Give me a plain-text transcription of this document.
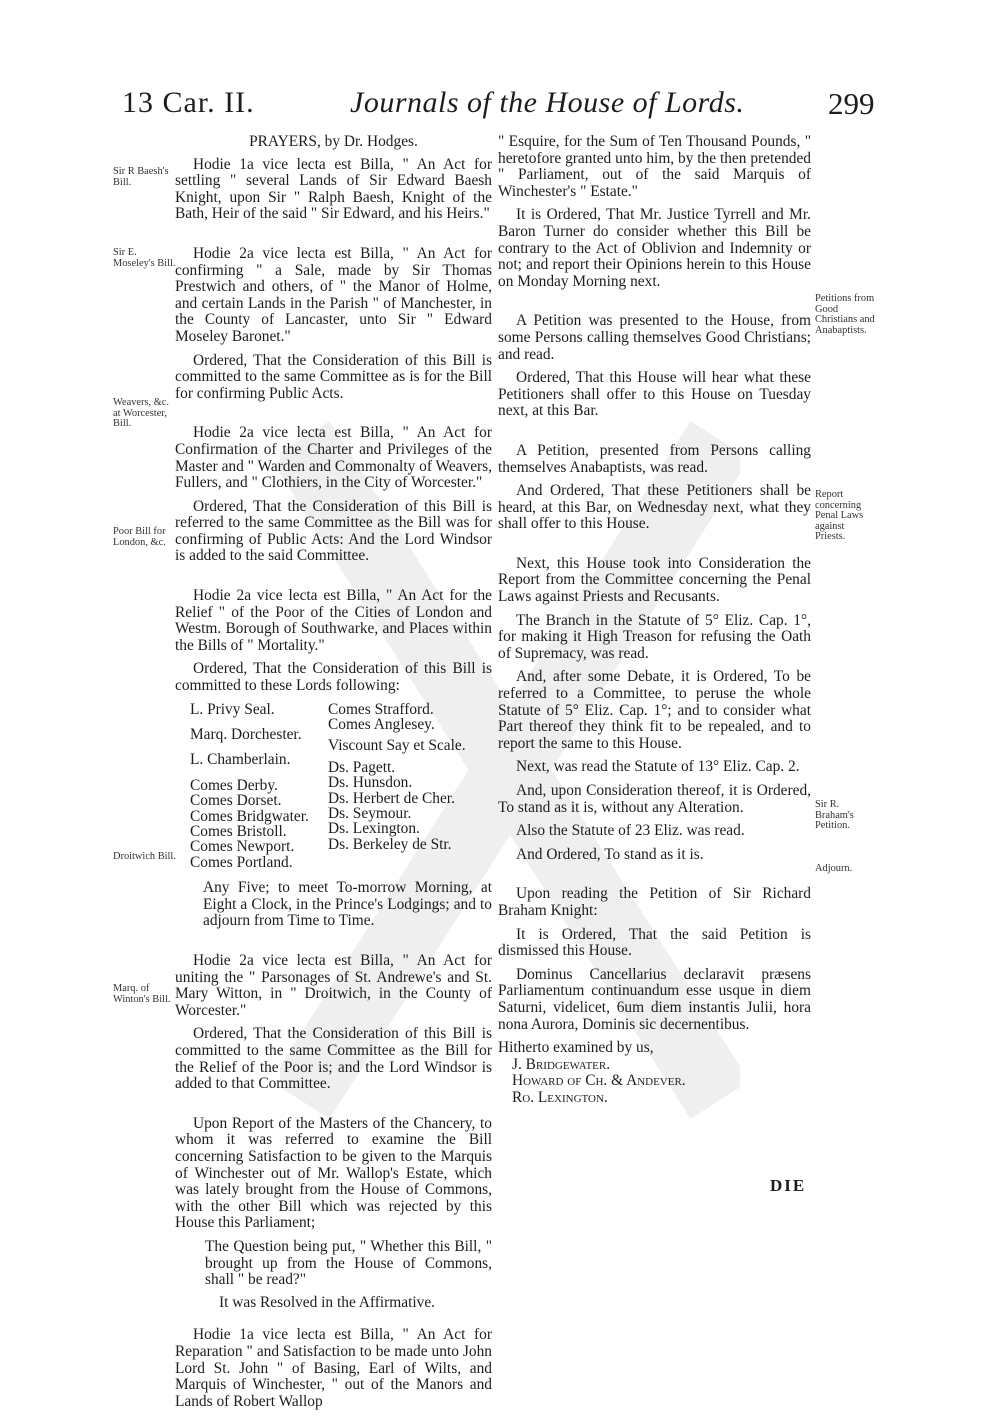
13 Car. II.	Journals of the House of Lords.	299
Sir R Baesh's Bill.
Sir E. Moseley's Bill.
Weavers, &c. at Worcester, Bill.
Poor Bill for London, &c.
Droitwich Bill.
Marq. of Winton's Bill.
Petitions from Good Christians and Anabaptists.
Report concerning Penal Laws against Priests.
Sir R. Braham's Petition.
Adjourn.
PRAYERS, by Dr. Hodges.

Hodie 1a vice lecta est Billa, " An Act for settling " several Lands of Sir Edward Baesh Knight, upon Sir " Ralph Baesh, Knight of the Bath, Heir of the said " Sir Edward, and his Heirs."

Hodie 2a vice lecta est Billa, " An Act for confirming " a Sale, made by Sir Thomas Prestwich and others, of " the Manor of Holme, and certain Lands in the Parish " of Manchester, in the County of Lancaster, unto Sir " Edward Moseley Baronet."

Ordered, That the Consideration of this Bill is committed to the same Committee as is for the Bill for confirming Public Acts.

Hodie 2a vice lecta est Billa, " An Act for Confirmation of the Charter and Privileges of the Master and " Warden and Commonalty of Weavers, Fullers, and " Clothiers, in the City of Worcester."

Ordered, That the Consideration of this Bill is referred to the same Committee as the Bill was for confirming of Public Acts: And the Lord Windsor is added to the said Committee.

Hodie 2a vice lecta est Billa, " An Act for the Relief " of the Poor of the Cities of London and Westm. Borough of Southwarke, and Places within the Bills of " Mortality."

Ordered, That the Consideration of this Bill is committed to these Lords following:

L. Privy Seal.
Marq. Dorchester.
L. Chamberlain.
Comes Derby.
Comes Dorset.
Comes Bridgwater.
Comes Bristoll.
Comes Newport.
Comes Portland.
Comes Strafford.
Comes Anglesey.
Viscount Say et Scale.
Ds. Pagett.
Ds. Hunsdon.
Ds. Herbert de Cher.
Ds. Seymour.
Ds. Lexington.
Ds. Berkeley de Str.

Any Five; to meet To-morrow Morning, at Eight a Clock, in the Prince's Lodgings; and to adjourn from Time to Time.

Hodie 2a vice lecta est Billa, " An Act for uniting the " Parsonages of St. Andrewe's and St. Mary Witton, in " Droitwich, in the County of Worcester."

Ordered, That the Consideration of this Bill is committed to the same Committee as the Bill for the Relief of the Poor is; and the Lord Windsor is added to that Committee.

Upon Report of the Masters of the Chancery, to whom it was referred to examine the Bill concerning Satisfaction to be given to the Marquis of Winchester out of Mr. Wallop's Estate, which was lately brought from the House of Commons, with the other Bill which was rejected by this House this Parliament;

The Question being put, " Whether this Bill, " brought up from the House of Commons, shall " be read?"

It was Resolved in the Affirmative.

Hodie 1a vice lecta est Billa, " An Act for Reparation " and Satisfaction to be made unto John Lord St. John " of Basing, Earl of Wilts, and Marquis of Winchester, " out of the Manors and Lands of Robert Wallop

" Esquire, for the Sum of Ten Thousand Pounds, " heretofore granted unto him, by the then pretended " Parliament, out of the said Marquis of Winchester's " Estate."

It is Ordered, That Mr. Justice Tyrrell and Mr. Baron Turner do consider whether this Bill be contrary to the Act of Oblivion and Indemnity or not; and report their Opinions herein to this House on Monday Morning next.

A Petition was presented to the House, from some Persons calling themselves Good Christians; and read.

Ordered, That this House will hear what these Petitioners shall offer to this House on Tuesday next, at this Bar.

A Petition, presented from Persons calling themselves Anabaptists, was read.

And Ordered, That these Petitioners shall be heard, at this Bar, on Wednesday next, what they shall offer to this House.

Next, this House took into Consideration the Report from the Committee concerning the Penal Laws against Priests and Recusants.

The Branch in the Statute of 5° Eliz. Cap. 1°, for making it High Treason for refusing the Oath of Supremacy, was read.

And, after some Debate, it is Ordered, To be referred to a Committee, to peruse the whole Statute of 5° Eliz. Cap. 1°; and to consider what Part thereof they think fit to be repealed, and to report the same to this House.

Next, was read the Statute of 13° Eliz. Cap. 2.

And, upon Consideration thereof, it is Ordered, To stand as it is, without any Alteration.

Also the Statute of 23 Eliz. was read.

And Ordered, To stand as it is.

Upon reading the Petition of Sir Richard Braham Knight:

It is Ordered, That the said Petition is dismissed this House.

Dominus Cancellarius declaravit præsens Parliamentum continuandum esse usque in diem Saturni, videlicet, 6um diem instantis Julii, hora nona Aurora, Dominis sic decernentibus.

Hitherto examined by us,
J. Bridgewater.
Howard of Ch. & Andever.
Ro. Lexington.
DIE
